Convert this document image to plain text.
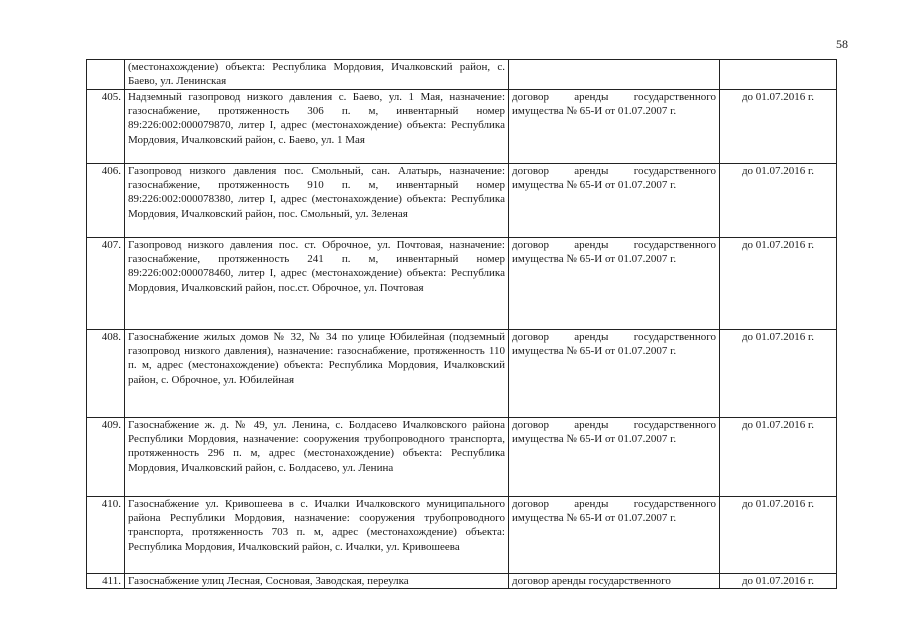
58
	(местонахождение) объекта: Республика Мордовия, Ичалковский район, с. Баево, ул. Ленинская		
405.	Надземный газопровод низкого давления с. Баево, ул. 1 Мая, назначение: газоснабжение, протяженность 306 п. м, инвентарный номер 89:226:002:000079870, литер I, адрес (местонахождение) объекта: Республика Мордовия, Ичалковский район, с. Баево, ул. 1 Мая	договор аренды государственного имущества № 65-И от 01.07.2007 г.	до 01.07.2016 г.
406.	Газопровод низкого давления пос. Смольный, сан. Алатырь, назначение: газоснабжение, протяженность 910 п. м, инвентарный номер 89:226:002:000078380, литер I, адрес (местонахождение) объекта: Республика Мордовия, Ичалковский район, пос. Смольный, ул. Зеленая	договор аренды государственного имущества № 65-И от 01.07.2007 г.	до 01.07.2016 г.
407.	Газопровод низкого давления пос. ст. Оброчное, ул. Почтовая, назначение: газоснабжение, протяженность 241 п. м, инвентарный номер 89:226:002:000078460, литер I, адрес (местонахождение) объекта: Республика Мордовия, Ичалковский район, пос.ст. Оброчное, ул. Почтовая	договор аренды государственного имущества № 65-И от 01.07.2007 г.	до 01.07.2016 г.
408.	Газоснабжение жилых домов № 32, № 34 по улице Юбилейная (подземный газопровод низкого давления), назначение: газоснабжение, протяженность 110 п. м, адрес (местонахождение) объекта: Республика Мордовия, Ичалковский район, с. Оброчное, ул. Юбилейная	договор аренды государственного имущества № 65-И от 01.07.2007 г.	до 01.07.2016 г.
409.	Газоснабжение ж. д. № 49, ул. Ленина, с. Болдасево Ичалковского района Республики Мордовия, назначение: сооружения трубопроводного транспорта, протяженность 296 п. м, адрес (местонахождение) объекта: Республика Мордовия, Ичалковский район, с. Болдасево, ул. Ленина	договор аренды государственного имущества № 65-И от 01.07.2007 г.	до 01.07.2016 г.
410.	Газоснабжение ул. Кривошеева в с. Ичалки Ичалковского муниципального района Республики Мордовия, назначение: сооружения трубопроводного транспорта, протяженность 703 п. м, адрес (местонахождение) объекта: Республика Мордовия, Ичалковский район, с. Ичалки, ул. Кривошеева	договор аренды государственного имущества № 65-И от 01.07.2007 г.	до 01.07.2016 г.
411.	Газоснабжение улиц Лесная, Сосновая, Заводская, переулка	договор аренды государственного	до 01.07.2016 г.
